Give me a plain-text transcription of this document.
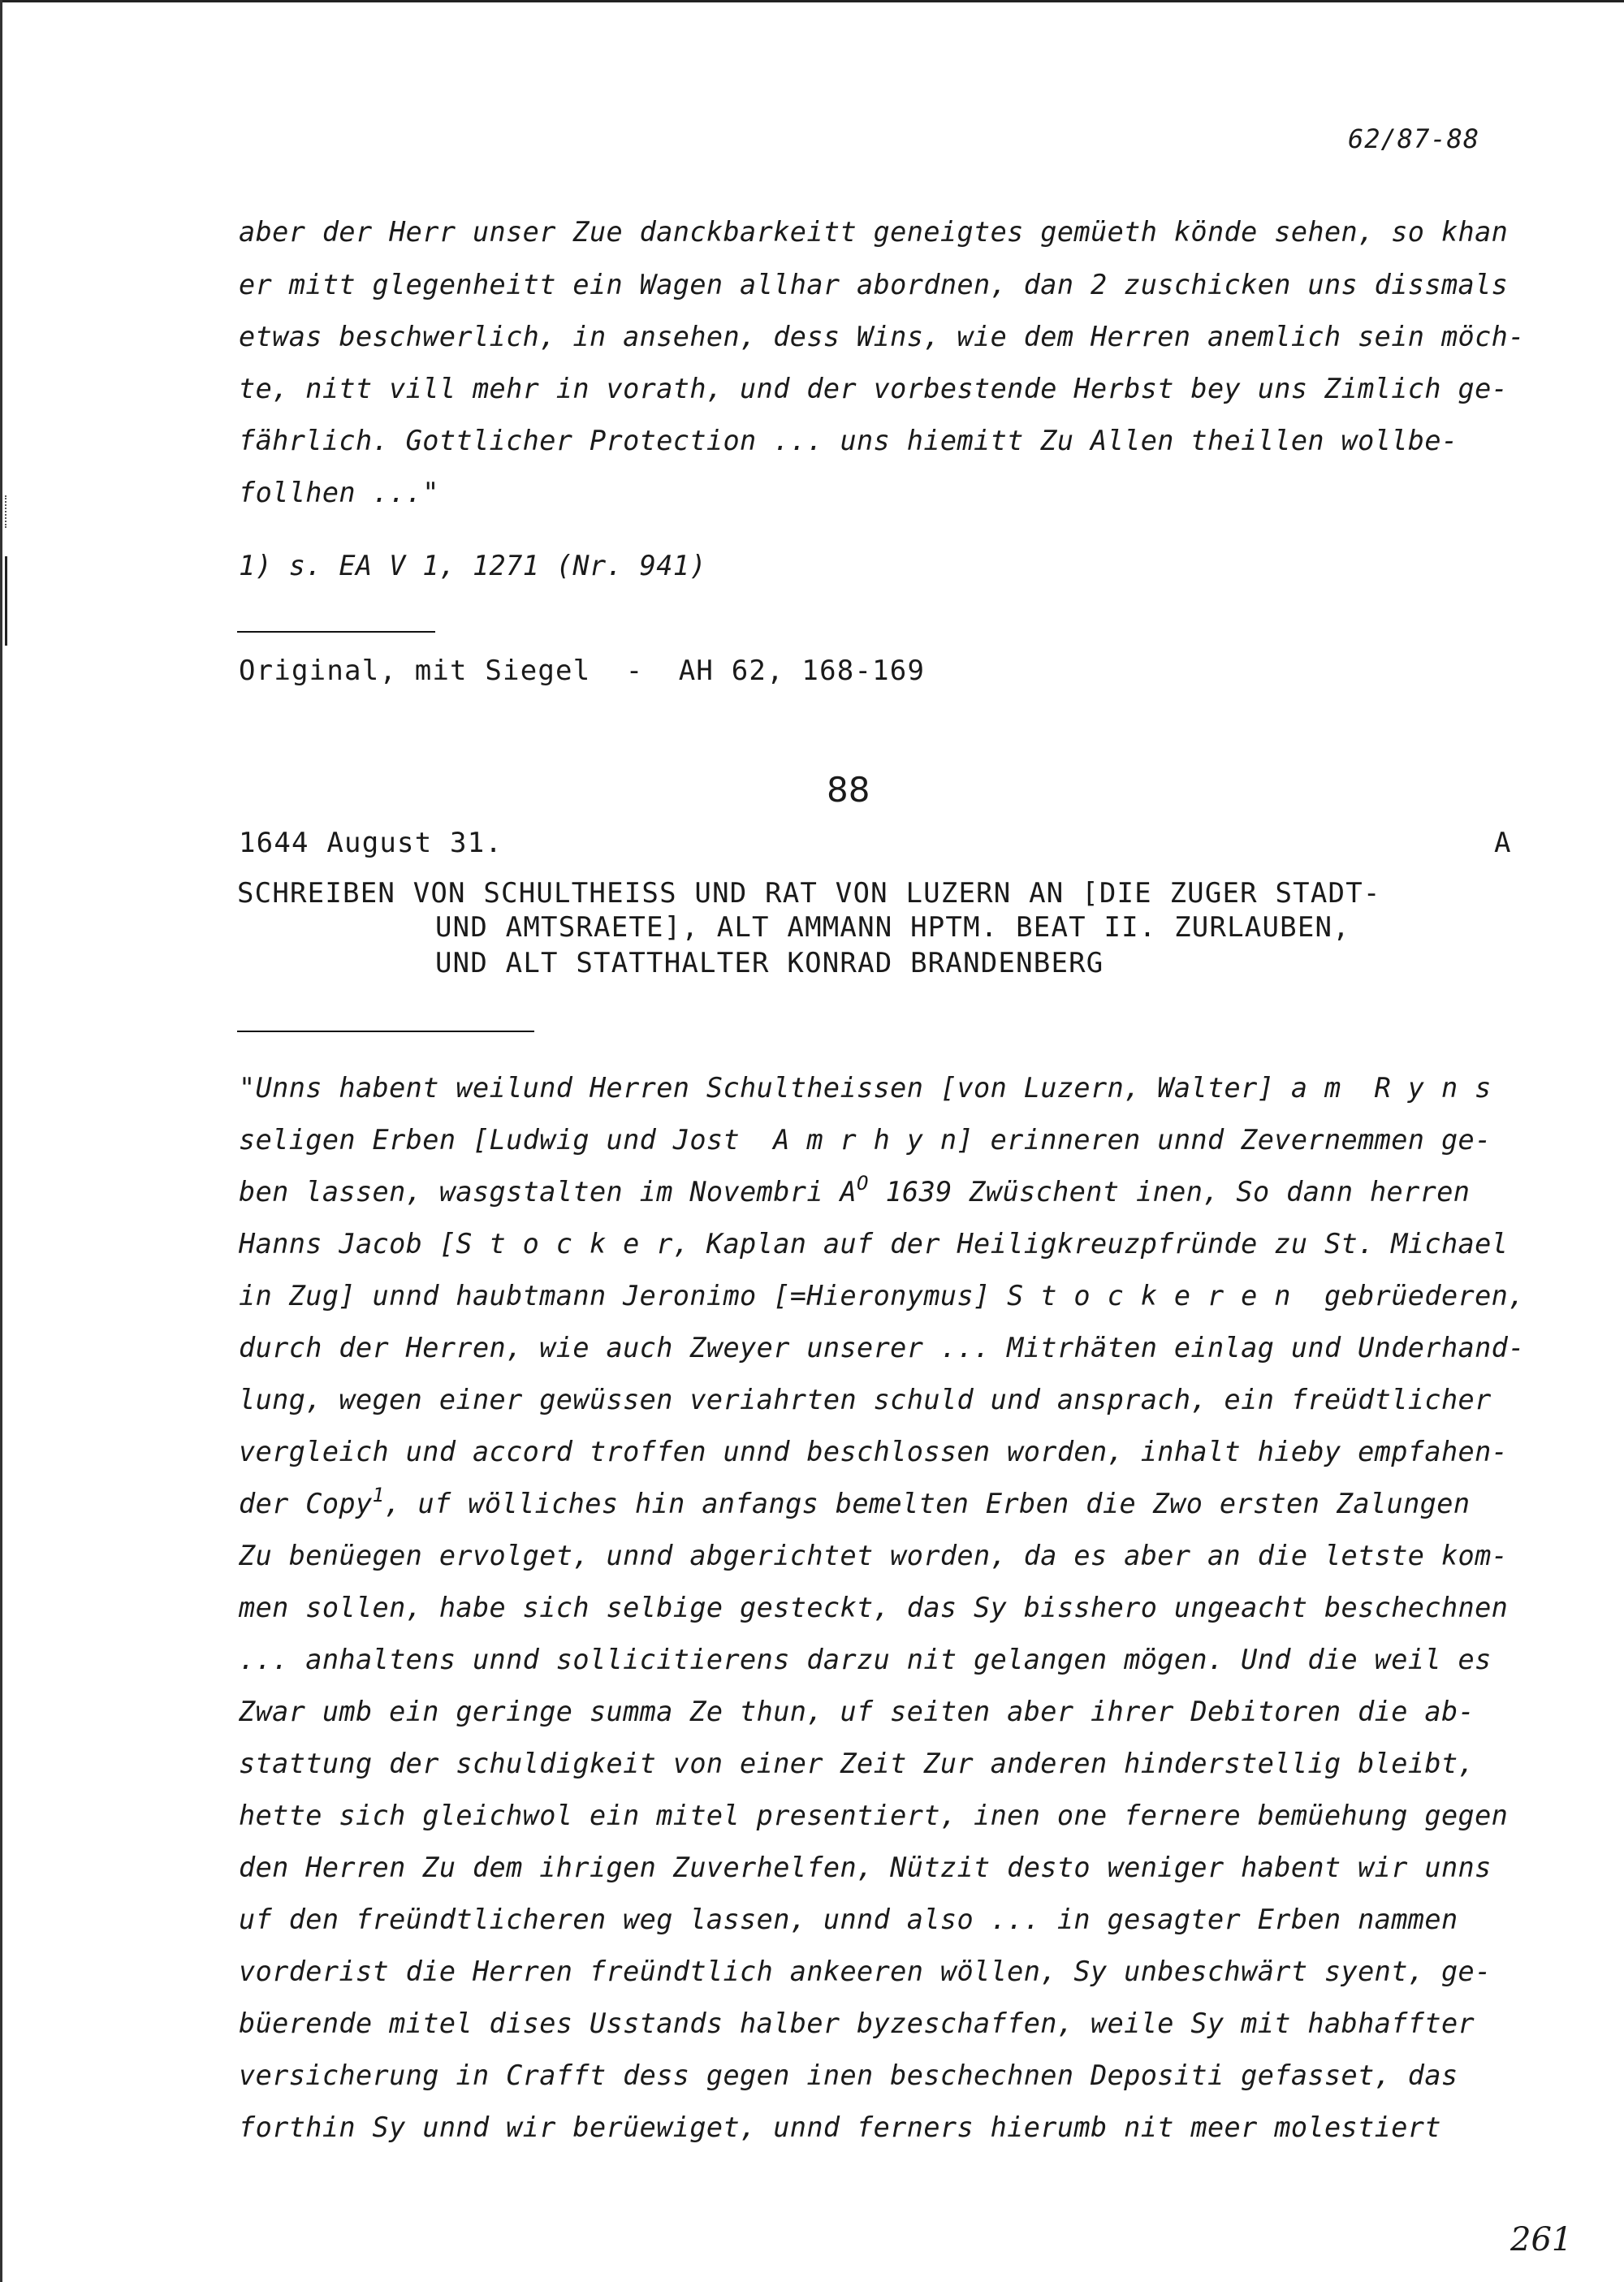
62/87-88
aber der Herr unser Zue danckbarkeitt geneigtes gemüeth könde sehen, so khan
er mitt glegenheitt ein Wagen allhar abordnen, dan 2 zuschicken uns dissmals
etwas beschwerlich, in ansehen, dess Wins, wie dem Herren anemlich sein möch-
te, nitt vill mehr in vorath, und der vorbestende Herbst bey uns Zimlich ge-
fährlich. Gottlicher Protection ... uns hiemitt Zu Allen theillen wollbe-
follhen ..."
1) s. EA V 1, 1271 (Nr. 941)
Original, mit Siegel  -  AH 62, 168-169
88
1644 August 31.	A
SCHREIBEN VON SCHULTHEISS UND RAT VON LUZERN AN [DIE ZUGER STADT-
UND AMTSRAETE], ALT AMMANN HPTM. BEAT II. ZURLAUBEN,
UND ALT STATTHALTER KONRAD BRANDENBERG
"Unns habent weilund Herren Schultheissen [von Luzern, Walter] a m  R y n s
seligen Erben [Ludwig und Jost  A m r h y n] erinneren unnd Zevernemmen ge-
ben lassen, wasgstalten im Novembri $A^O$ 1639 Zwüschent inen, So dann herren
Hanns Jacob [S t o c k e r, Kaplan auf der Heiligkreuzpfründe zu St. Michael
in Zug] unnd haubtmann Jeronimo [=Hieronymus] S t o c k e r e n  gebrüederen,
durch der Herren, wie auch Zweyer unserer ... Mitrhäten einlag und Underhand-
lung, wegen einer gewüssen veriahrten schuld und ansprach, ein freüdtlicher
vergleich und accord troffen unnd beschlossen worden, inhalt hieby empfahen-
der Copy$^1$, uf wölliches hin anfangs bemelten Erben die Zwo ersten Zalungen
Zu benüegen ervolget, unnd abgerichtet worden, da es aber an die letste kom-
men sollen, habe sich selbige gesteckt, das Sy bisshero ungeacht beschechnen
... anhaltens unnd sollicitierens darzu nit gelangen mögen. Und die weil es
Zwar umb ein geringe summa Ze thun, uf seiten aber ihrer Debitoren die ab-
stattung der schuldigkeit von einer Zeit Zur anderen hinderstellig bleibt,
hette sich gleichwol ein mitel presentiert, inen one fernere bemüehung gegen
den Herren Zu dem ihrigen Zuverhelfen, Nützit desto weniger habent wir unns
uf den freündtlicheren weg lassen, unnd also ... in gesagter Erben nammen
vorderist die Herren freündtlich ankeeren wöllen, Sy unbeschwärt syent, ge-
büerende mitel dises Usstands halber byzeschaffen, weile Sy mit habhaffter
versicherung in Crafft dess gegen inen beschechnen Depositi gefasset, das
forthin Sy unnd wir berüewiget, unnd ferners hierumb nit meer molestiert
261
